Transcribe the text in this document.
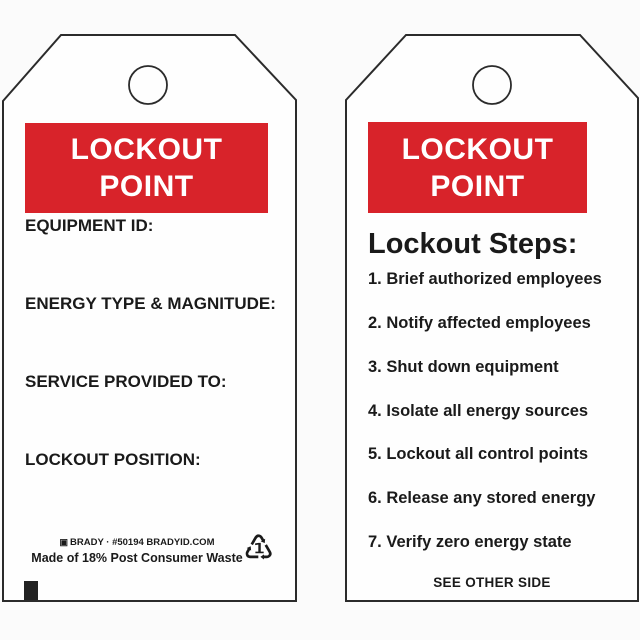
LOCKOUT
POINT
EQUIPMENT ID:
ENERGY TYPE & MAGNITUDE:
SERVICE PROVIDED TO:
LOCKOUT POSITION:
▣ BRADY · #50194 BRADYID.COM
Made of 18% Post Consumer Waste ♳
LOCKOUT
POINT
Lockout Steps:
1. Brief authorized employees
2. Notify affected employees
3. Shut down equipment
4. Isolate all energy sources
5. Lockout all control points
6. Release any stored energy
7. Verify zero energy state
SEE OTHER SIDE
